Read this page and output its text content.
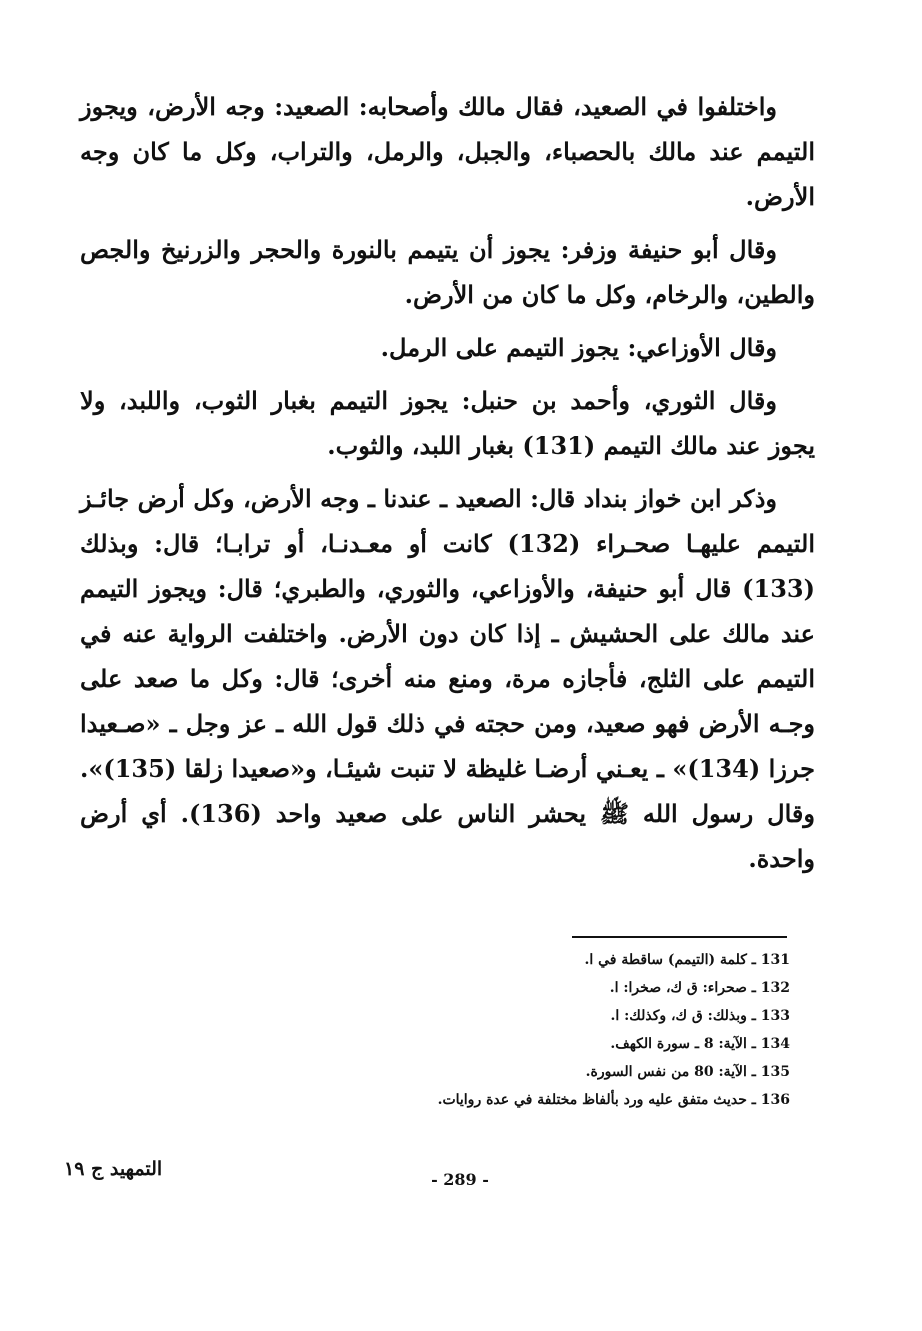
واختلفوا في الصعيد، فقال مالك وأصحابه: الصعيد: وجه الأرض، ويجوز التيمم عند مالك بالحصباء، والجبل، والرمل، والتراب، وكل ما كان وجه الأرض.

وقال أبو حنيفة وزفر: يجوز أن يتيمم بالنورة والحجر والزرنيخ والجص والطين، والرخام، وكل ما كان من الأرض.

وقال الأوزاعي: يجوز التيمم على الرمل.

وقال الثوري، وأحمد بن حنبل: يجوز التيمم بغبار الثوب، واللبد، ولا يجوز عند مالك التيمم (131) بغبار اللبد، والثوب.

وذكر ابن خواز بنداد قال: الصعيد ـ عندنا ـ وجه الأرض، وكل أرض جائـز التيمم عليهـا صحـراء (132) كانت أو معـدنـا، أو ترابـا؛ قال: وبذلك (133) قال أبو حنيفة، والأوزاعي، والثوري، والطبري؛ قال: ويجوز التيمم عند مالك على الحشيش ـ إذا كان دون الأرض. واختلفت الرواية عنه في التيمم على الثلج، فأجازه مرة، ومنع منه أخرى؛ قال: وكل ما صعد على وجـه الأرض فهو صعيد، ومن حجته في ذلك قول الله ـ عز وجل ـ «صـعيدا جرزا (134)» ـ يعـني أرضـا غليظة لا تنبت شيئـا، و«صعيدا زلقا (135)». وقال رسول الله ﷺ يحشر الناس على صعيد واحد (136). أي أرض واحدة.

131 ـ كلمة (التيمم) ساقطة في ا.
132 ـ صحراء: ق ك، صخرا: ا.
133 ـ وبذلك: ق ك، وكذلك: ا.
134 ـ الآية: 8 ـ سورة الكهف.
135 ـ الآية: 80 من نفس السورة.
136 ـ حديث متفق عليه ورد بألفاظ مختلفة في عدة روايات.
- 289 -
التمهيد ج ١٩
